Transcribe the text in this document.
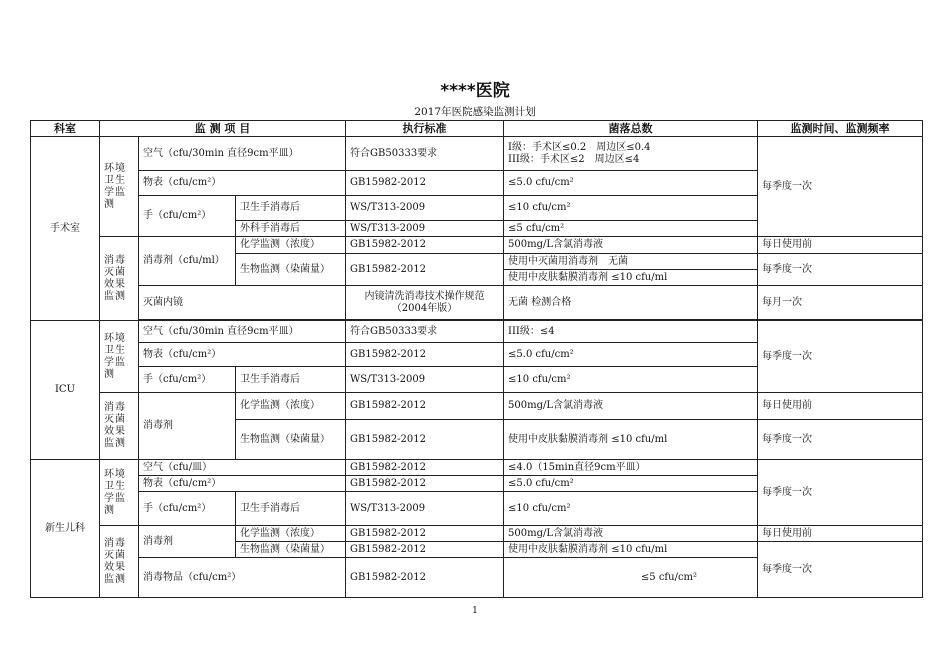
****医院
2017年医院感染监测计划
科室	监 测 项 目			执行标准	菌落总数	监测时间、监测频率
手术室	环境卫生学监测	空气（cfu/30min 直径9cm平皿）		符合GB50333要求	I级：手术区≤0.2　周边区≤0.4
III级：手术区≤2　周边区≤4	每季度一次
		物表（cfu/cm²）		GB15982-2012	≤5.0 cfu/cm²	
		手（cfu/cm²）	卫生手消毒后	WS/T313-2009	≤10 cfu/cm²	
			外科手消毒后	WS/T313-2009	≤5 cfu/cm²	
	消毒灭菌效果监测	消毒剂（cfu/ml）	化学监测（浓度）	GB15982-2012	500mg/L含氯消毒液	每日使用前
			生物监测（染菌量）	GB15982-2012	使用中灭菌用消毒剂　无菌	每季度一次
					使用中皮肤黏膜消毒剂 ≤10 cfu/ml	
		灭菌内镜		内镜清洗消毒技术操作规范（2004年版）	无菌 检测合格	每月一次

ICU	环境卫生学监测	空气（cfu/30min 直径9cm平皿）		符合GB50333要求	III级：≤4	每季度一次
		物表（cfu/cm²）		GB15982-2012	≤5.0 cfu/cm²	
		手（cfu/cm²）	卫生手消毒后	WS/T313-2009	≤10 cfu/cm²	
	消毒灭菌效果监测	消毒剂	化学监测（浓度）	GB15982-2012	500mg/L含氯消毒液	每日使用前
			生物监测（染菌量）	GB15982-2012	使用中皮肤黏膜消毒剂 ≤10 cfu/ml	每季度一次
新生儿科	环境卫生学监测	空气（cfu/皿）		GB15982-2012	≤4.0（15min直径9cm平皿）	每季度一次
		物表（cfu/cm²）		GB15982-2012	≤5.0 cfu/cm²	
		手（cfu/cm²）	卫生手消毒后	WS/T313-2009	≤10 cfu/cm²	
	消毒灭菌效果监测	消毒剂	化学监测（浓度）	GB15982-2012	500mg/L含氯消毒液	每日使用前
			生物监测（染菌量）	GB15982-2012	使用中皮肤黏膜消毒剂 ≤10 cfu/ml	每季度一次
		消毒物品（cfu/cm²）		GB15982-2012	≤5 cfu/cm²	
1
